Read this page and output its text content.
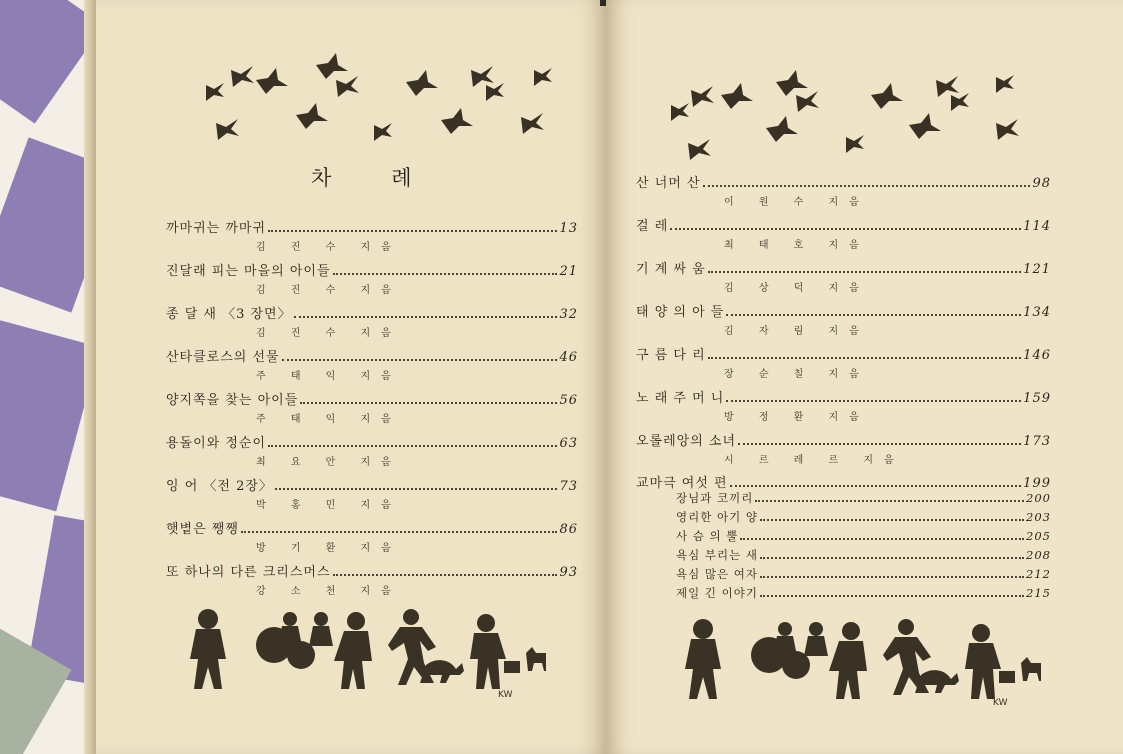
차례
까마귀는 까마귀	13
김 진 수 지음
진달래 피는 마을의 아이들	21
김 진 수 지음
종 달 새 〈3 장면〉	32
김 진 수 지음
산타클로스의 선물	46
주 태 익 지음
양지쪽을 찾는 아이들	56
주 태 익 지음
용돌이와 정순이	63
최 요 안 지음
잉 어 〈전 2장〉	73
박 홍 민 지음
햇볕은 쨍쨍	86
방 기 환 지음
또 하나의 다른 크리스머스	93
강 소 천 지음
KW
산 너머 산	98
이 원 수 지음
걸 레	114
최 태 호 지음
기 계 싸 움	121
김 상 덕 지음
태 양 의 아 들	134
김 자 림 지음
구 름 다 리	146
장 순 칠 지음
노 래 주 머 니	159
방 정 환 지음
오롤레앙의 소녀	173
시 르 레 르 지음
교마극 여섯 편	199
장님과 코끼리	200
영리한 아기 양	203
사 슴 의 뿔	205
욕심 부리는 새	208
욕심 많은 여자	212
제일 긴 이야기	215
KW
